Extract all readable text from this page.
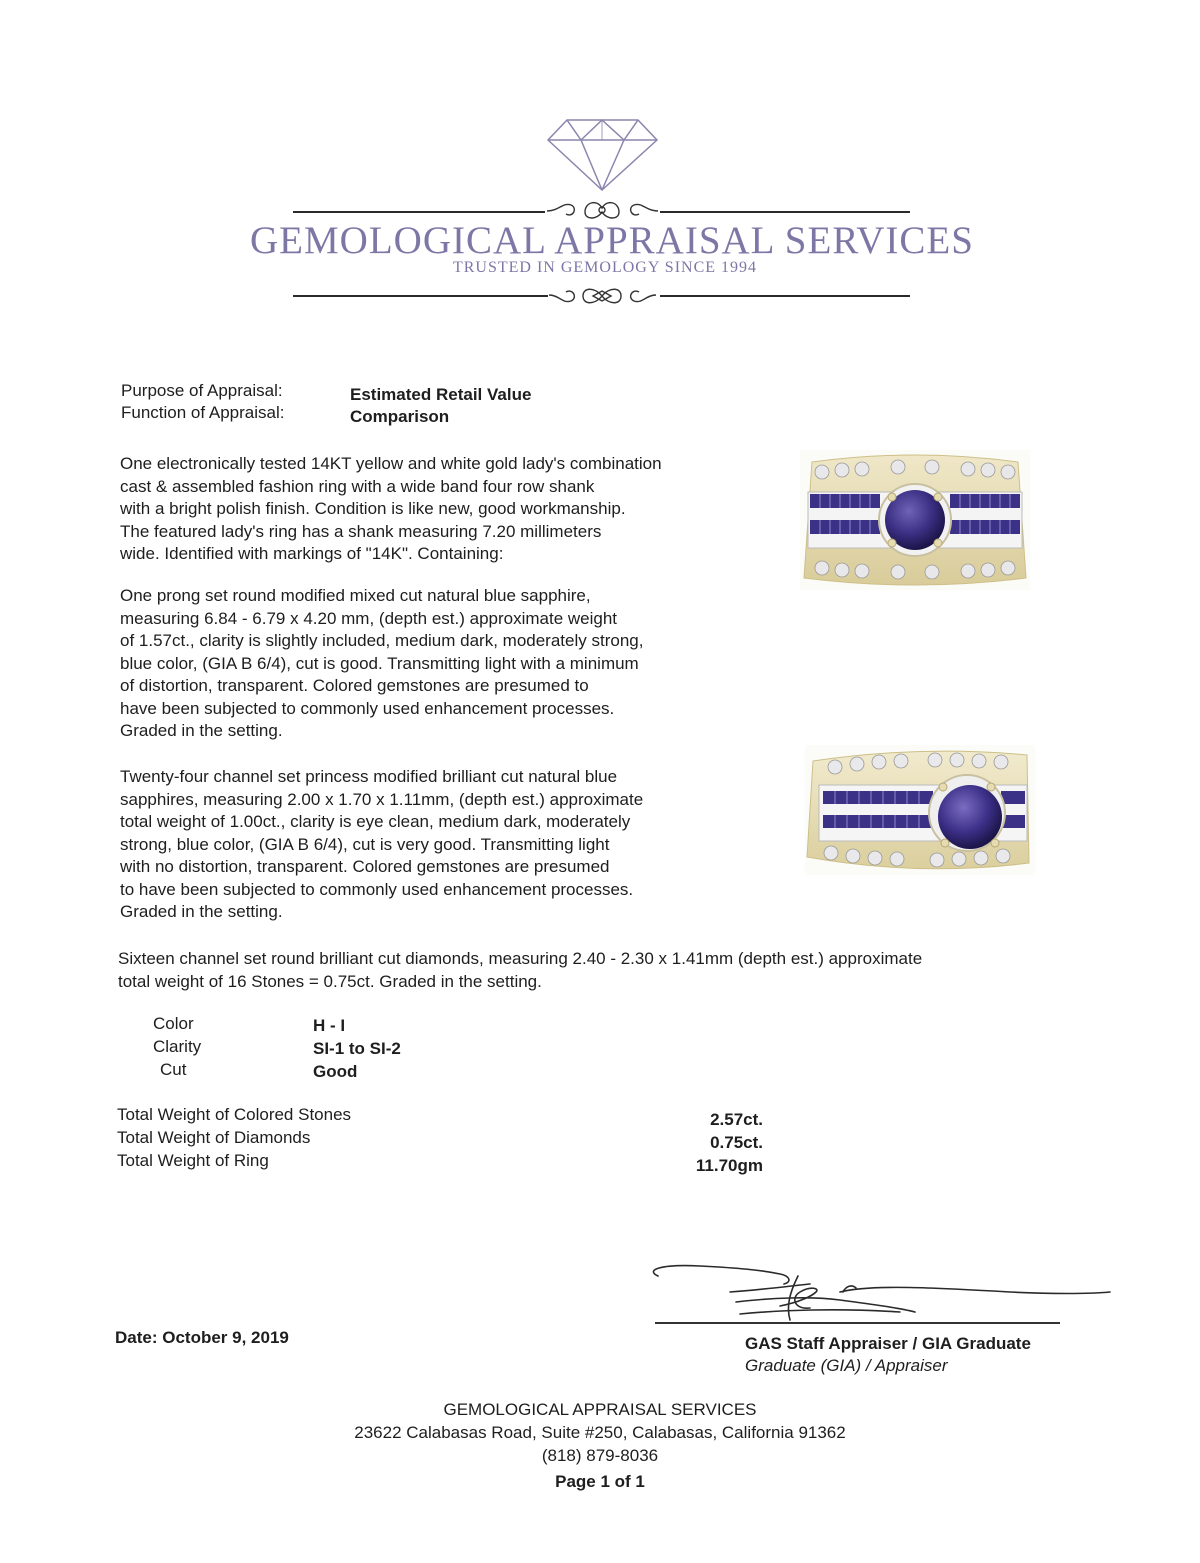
GEMOLOGICAL APPRAISAL SERVICES
TRUSTED IN GEMOLOGY SINCE 1994
Purpose of Appraisal:	Estimated Retail Value
Function of Appraisal:	Comparison
One electronically tested 14KT yellow and white gold lady's combination
cast & assembled fashion ring with a wide band four row shank
with a bright polish finish. Condition is like new, good workmanship.
The featured lady's ring has a shank measuring 7.20 millimeters
wide. Identified with markings of "14K". Containing:
One prong set round modified mixed cut natural blue sapphire,
measuring 6.84 - 6.79 x 4.20 mm, (depth est.) approximate weight
of 1.57ct., clarity is slightly included, medium dark, moderately strong,
blue color, (GIA B 6/4), cut is good. Transmitting light with a minimum
of distortion, transparent. Colored gemstones are presumed to
have been subjected to commonly used enhancement processes.
Graded in the setting.
Twenty-four channel set princess modified brilliant cut natural blue
sapphires, measuring 2.00 x 1.70 x 1.11mm, (depth est.) approximate
total weight of 1.00ct., clarity is eye clean, medium dark, moderately
strong, blue color, (GIA B 6/4), cut is very good. Transmitting light
with no distortion, transparent. Colored gemstones are presumed
to have been subjected to commonly used enhancement processes.
Graded in the setting.
Sixteen channel set round brilliant cut diamonds, measuring 2.40 - 2.30 x 1.41mm (depth est.) approximate
total weight of 16 Stones = 0.75ct. Graded in the setting.
Color	H - I
Clarity	SI-1 to SI-2
Cut	Good
Total Weight of Colored Stones	2.57ct.
Total Weight of Diamonds	0.75ct.
Total Weight of Ring	11.70gm
Date: October 9, 2019	GAS Staff Appraiser / GIA Graduate
Graduate (GIA) / Appraiser
GEMOLOGICAL APPRAISAL SERVICES
23622 Calabasas Road, Suite #250, Calabasas, California 91362
(818) 879-8036
Page 1 of 1
